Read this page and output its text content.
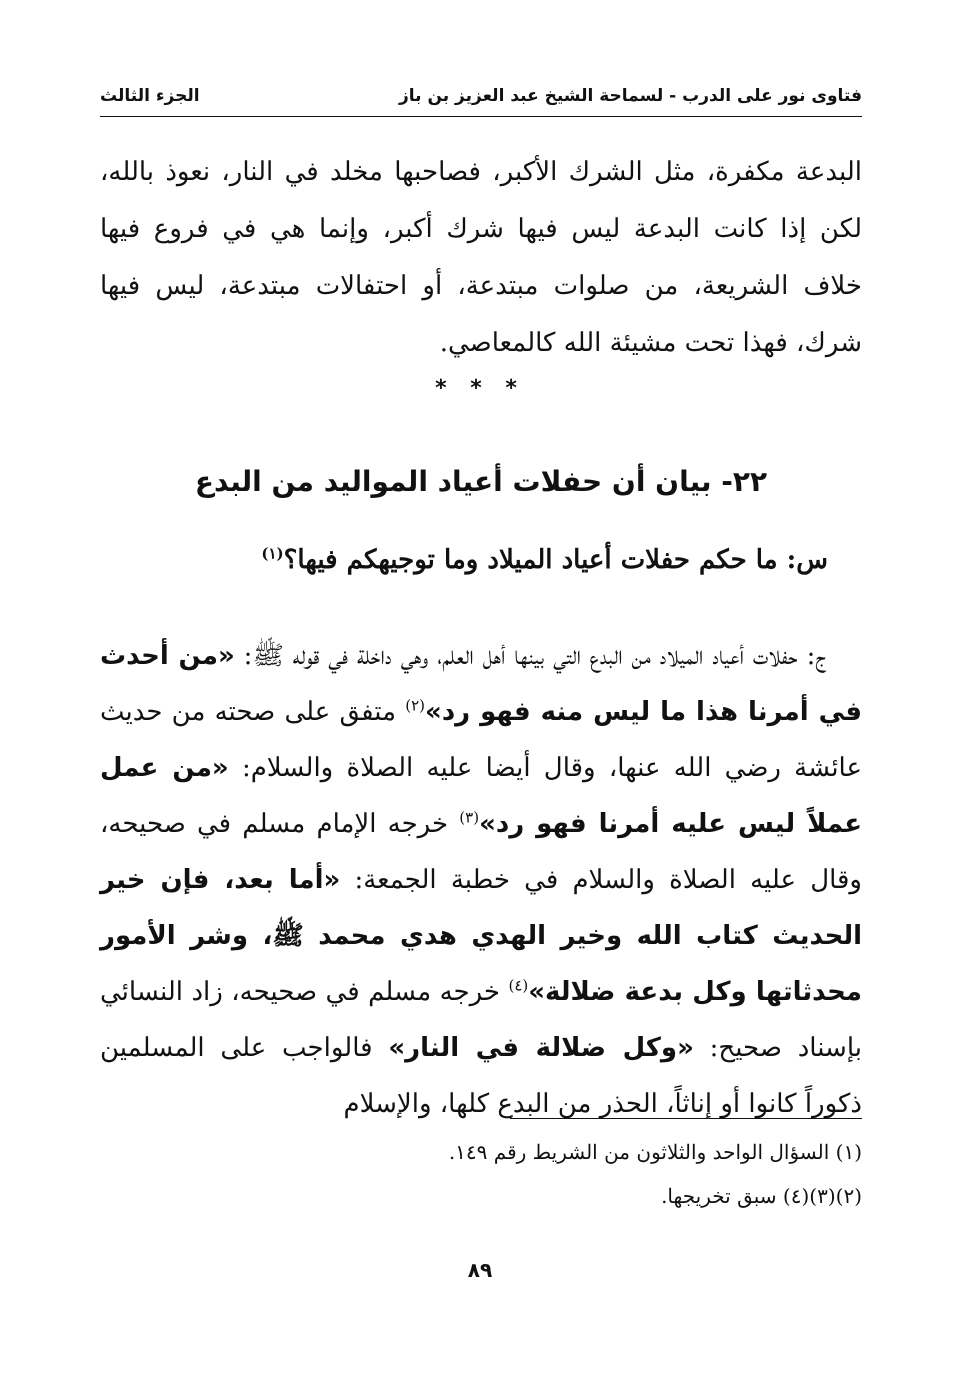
فتاوى نور على الدرب - لسماحة الشيخ عبد العزيز بن باز
الجزء الثالث

البدعة مكفرة، مثل الشرك الأكبر، فصاحبها مخلد في النار، نعوذ بالله، لكن إذا كانت البدعة ليس فيها شرك أكبر، وإنما هي في فروع فيها خلاف الشريعة، من صلوات مبتدعة، أو احتفالات مبتدعة، ليس فيها شرك، فهذا تحت مشيئة الله كالمعاصي.

* * *
٢٢- بيان أن حفلات أعياد المواليد من البدع

س: ما حكم حفلات أعياد الميلاد وما توجيهكم فيها؟$^{(١)}$

ج: حفلات أعياد الميلاد من البدع التي بينها أهل العلم، وهي داخلة في قوله ﷺ: «من أحدث في أمرنا هذا ما ليس منه فهو رد»$^{(٢)}$ متفق على صحته من حديث عائشة رضي الله عنها، وقال أيضا عليه الصلاة والسلام: «من عمل عملاً ليس عليه أمرنا فهو رد»$^{(٣)}$ خرجه الإمام مسلم في صحيحه، وقال عليه الصلاة والسلام في خطبة الجمعة: «أما بعد، فإن خير الحديث كتاب الله وخير الهدي هدي محمد ﷺ، وشر الأمور محدثاتها وكل بدعة ضلالة»$^{(٤)}$ خرجه مسلم في صحيحه، زاد النسائي بإسناد صحيح: «وكل ضلالة في النار» فالواجب على المسلمين ذكوراً كانوا أو إناثاً، الحذر من البدع كلها، والإسلام

(١) السؤال الواحد والثلاثون من الشريط رقم ١٤٩.
(٢)(٣)(٤) سبق تخريجها.
٨٩
